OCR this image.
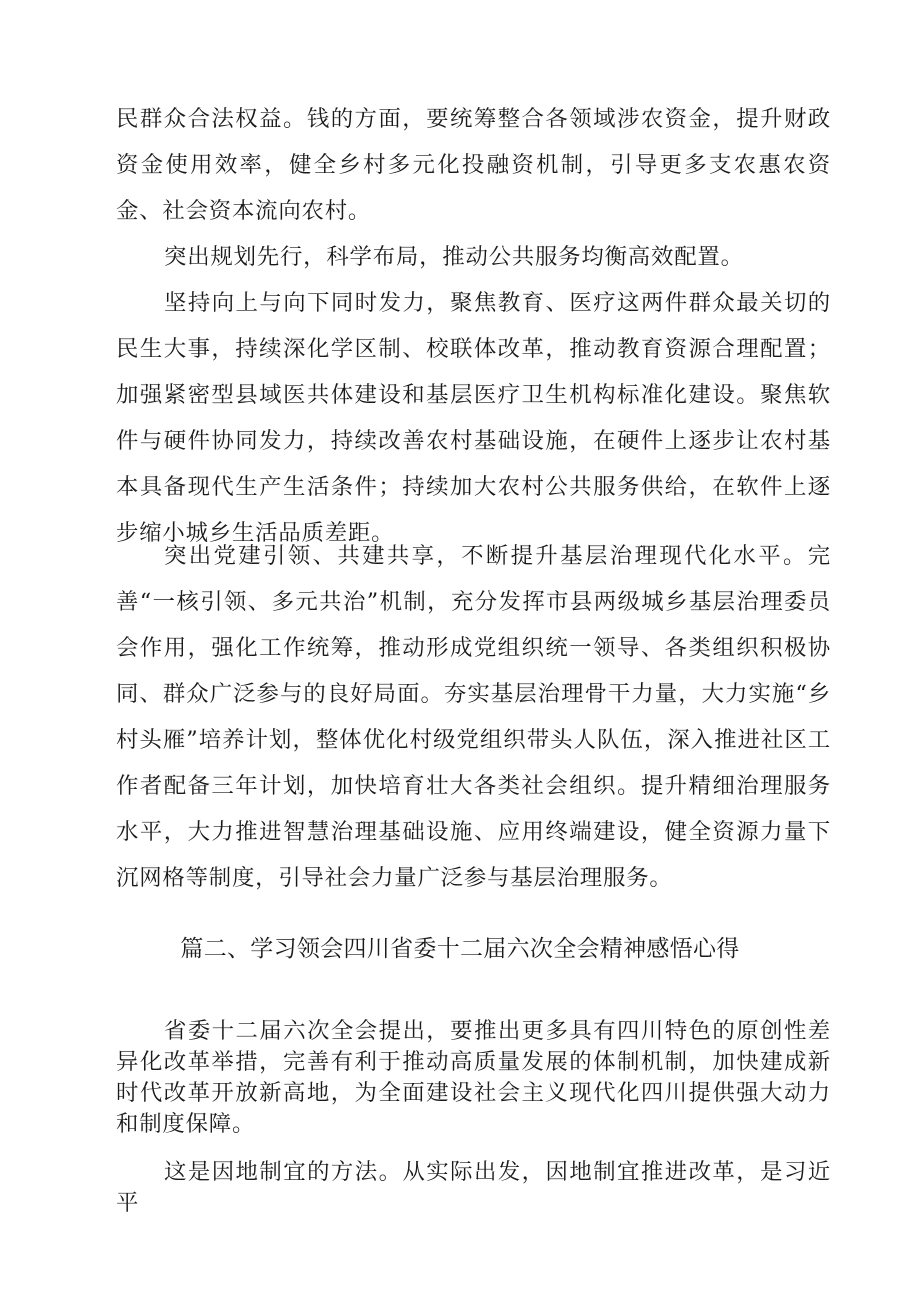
民群众合法权益。钱的方面，要统筹整合各领域涉农资金，提升财政资金使用效率，健全乡村多元化投融资机制，引导更多支农惠农资金、社会资本流向农村。

突出规划先行，科学布局，推动公共服务均衡高效配置。

坚持向上与向下同时发力，聚焦教育、医疗这两件群众最关切的民生大事，持续深化学区制、校联体改革，推动教育资源合理配置；加强紧密型县域医共体建设和基层医疗卫生机构标准化建设。聚焦软件与硬件协同发力，持续改善农村基础设施，在硬件上逐步让农村基本具备现代生产生活条件；持续加大农村公共服务供给，在软件上逐步缩小城乡生活品质差距。

突出党建引领、共建共享，不断提升基层治理现代化水平。完善“一核引领、多元共治”机制，充分发挥市县两级城乡基层治理委员会作用，强化工作统筹，推动形成党组织统一领导、各类组织积极协同、群众广泛参与的良好局面。夯实基层治理骨干力量，大力实施“乡村头雁”培养计划，整体优化村级党组织带头人队伍，深入推进社区工作者配备三年计划，加快培育壮大各类社会组织。提升精细治理服务水平，大力推进智慧治理基础设施、应用终端建设，健全资源力量下沉网格等制度，引导社会力量广泛参与基层治理服务。

篇二、学习领会四川省委十二届六次全会精神感悟心得

省委十二届六次全会提出，要推出更多具有四川特色的原创性差异化改革举措，完善有利于推动高质量发展的体制机制，加快建成新时代改革开放新高地，为全面建设社会主义现代化四川提供强大动力和制度保障。

这是因地制宜的方法。从实际出发，因地制宜推进改革，是习近平
